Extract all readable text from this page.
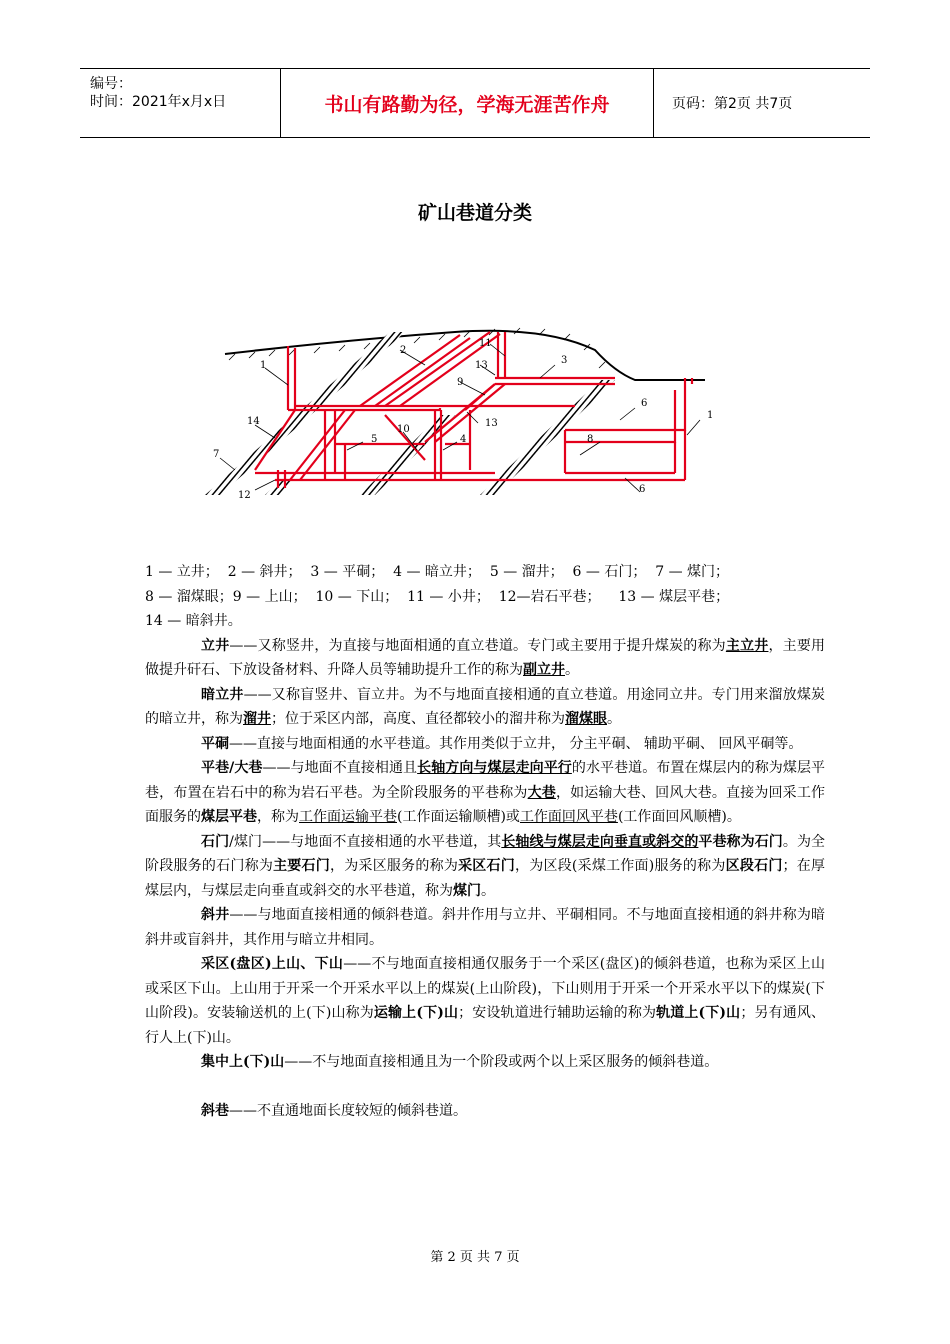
编号：
时间：2021年x月x日	书山有路勤为径，学海无涯苦作舟	页码：第2页 共7页
矿山巷道分类
1
1
2
3
4
5
6
6
7
8
9
10
11
12
13
13
14

1 — 立井；  2 — 斜井；  3 — 平硐；  4 — 暗立井；  5 — 溜井；  6 — 石门；  7 — 煤门；

8 — 溜煤眼；9 — 上山；  10 — 下山；  11 — 小井；  12—岩石平巷；    13 — 煤层平巷；

14 — 暗斜井。

立井——又称竖井，为直接与地面相通的直立巷道。专门或主要用于提升煤炭的称为主立井，主要用做提升矸石、下放设备材料、升降人员等辅助提升工作的称为副立井。

暗立井——又称盲竖井、盲立井。为不与地面直接相通的直立巷道。用途同立井。专门用来溜放煤炭的暗立井，称为溜井；位于采区内部，高度、直径都较小的溜井称为溜煤眼。

平硐——直接与地面相通的水平巷道。其作用类似于立井， 分主平硐、 辅助平硐、 回风平硐等。

平巷/大巷——与地面不直接相通且长轴方向与煤层走向平行的水平巷道。布置在煤层内的称为煤层平巷，布置在岩石中的称为岩石平巷。为全阶段服务的平巷称为大巷，如运输大巷、回风大巷。直接为回采工作面服务的煤层平巷，称为工作面运输平巷(工作面运输顺槽)或工作面回风平巷(工作面回风顺槽)。

石门/煤门——与地面不直接相通的水平巷道，其长轴线与煤层走向垂直或斜交的平巷称为石门。为全阶段服务的石门称为主要石门，为采区服务的称为采区石门，为区段(采煤工作面)服务的称为区段石门；在厚煤层内，与煤层走向垂直或斜交的水平巷道，称为煤门。

斜井——与地面直接相通的倾斜巷道。斜井作用与立井、平硐相同。不与地面直接相通的斜井称为暗斜井或盲斜井，其作用与暗立井相同。

采区(盘区)上山、下山——不与地面直接相通仅服务于一个采区(盘区)的倾斜巷道，也称为采区上山或采区下山。上山用于开采一个开采水平以上的煤炭(上山阶段)，下山则用于开采一个开采水平以下的煤炭(下山阶段)。安装输送机的上(下)山称为运输上(下)山；安设轨道进行辅助运输的称为轨道上(下)山；另有通风、行人上(下)山。

集中上(下)山——不与地面直接相通且为一个阶段或两个以上采区服务的倾斜巷道。

斜巷——不直通地面长度较短的倾斜巷道。

第 2 页 共 7 页
